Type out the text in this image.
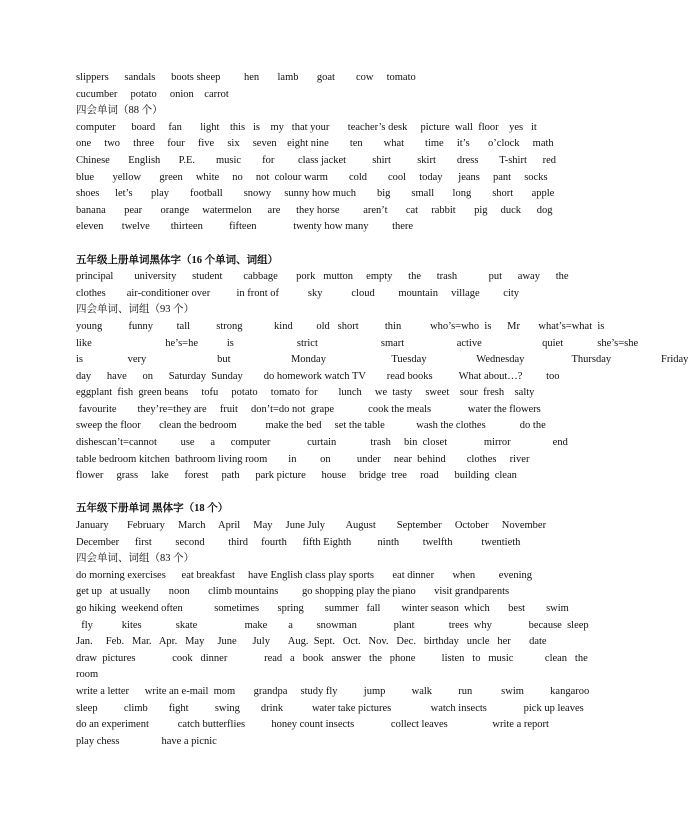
slippers      sandals      boots sheep         hen       lamb       goat        cow     tomato
cucumber     potato     onion    carrot
四会单词（88 个）
computer      board     fan       light    this   is    my   that your       teacher’s desk     picture  wall  floor    yes   it
one     two     three     four     five     six     seven    eight nine        ten        what        time     it’s       o’clock     math
Chinese       English       P.E.        music        for         class jacket          shirt          skirt        dress        T-shirt      red
blue       yellow       green     white     no     not  colour warm        cold        cool     today      jeans     pant     socks
shoes      let’s       play        football        snowy     sunny how much        big        small       long        short       apple
banana       pear       orange     watermelon      are      they horse         aren’t       cat     rabbit       pig     duck      dog
eleven       twelve        thirteen          fifteen              twenty how many         there
五年级上册单词黑体字（16 个单词、词组）
principal        university      student        cabbage       pork   mutton     empty      the      trash            put      away      the
clothes        air-conditioner over          in front of           sky           cloud         mountain     village         city
四会单词、词组（93 个）
young          funny         tall          strong            kind         old   short          thin           who’s=who  is      Mr       what’s=what  is
like                            he’s=he           is                        strict                        smart                    active                       quiet             she’s=she
is                 very                           but                       Monday                         Tuesday                   Wednesday                  Thursday                   Friday
day      have      on      Saturday  Sunday        do homework watch TV        read books          What about…?         too
eggplant  fish  green beans     tofu     potato     tomato  for        lunch     we  tasty     sweet    sour  fresh    salty
favourite        they’re=they are     fruit     don’t=do not  grape             cook the meals              water the flowers
sweep the floor       clean the bedroom           make the bed     set the table            wash the clothes             do the
dishescan’t=cannot         use      a      computer              curtain             trash     bin  closet              mirror                end
table bedroom kitchen  bathroom living room        in         on          under     near  behind        clothes     river
flower     grass     lake      forest     path      park picture      house     bridge  tree     road      building  clean
五年级下册单词 黑体字（18 个）
January       February     March     April     May     June July        August        September     October     November
December      first         second         third     fourth      fifth Eighth          ninth         twelfth           twentieth
四会单词、词组（83 个）
do morning exercises      eat breakfast     have English class play sports       eat dinner       when         evening
get up   at usually       noon       climb mountains         go shopping play the piano       visit grandparents
go hiking  weekend often            sometimes       spring        summer   fall        winter season  which       best        swim
fly           kites             skate                  make        a         snowman              plant             trees  why              because  sleep
Jan.     Feb.   Mar.   Apr.   May     June      July       Aug.  Sept.   Oct.   Nov.   Dec.   birthday   uncle   her       date
draw  pictures              cook   dinner              read   a   book   answer   the   phone          listen   to   music            clean   the
room
write a letter      write an e-mail  mom       grandpa     study fly          jump          walk          run           swim          kangaroo
sleep          climb        fight          swing        drink           water take pictures               watch insects              pick up leaves
do an experiment           catch butterflies          honey count insects              collect leaves                 write a report
play chess                have a picnic
